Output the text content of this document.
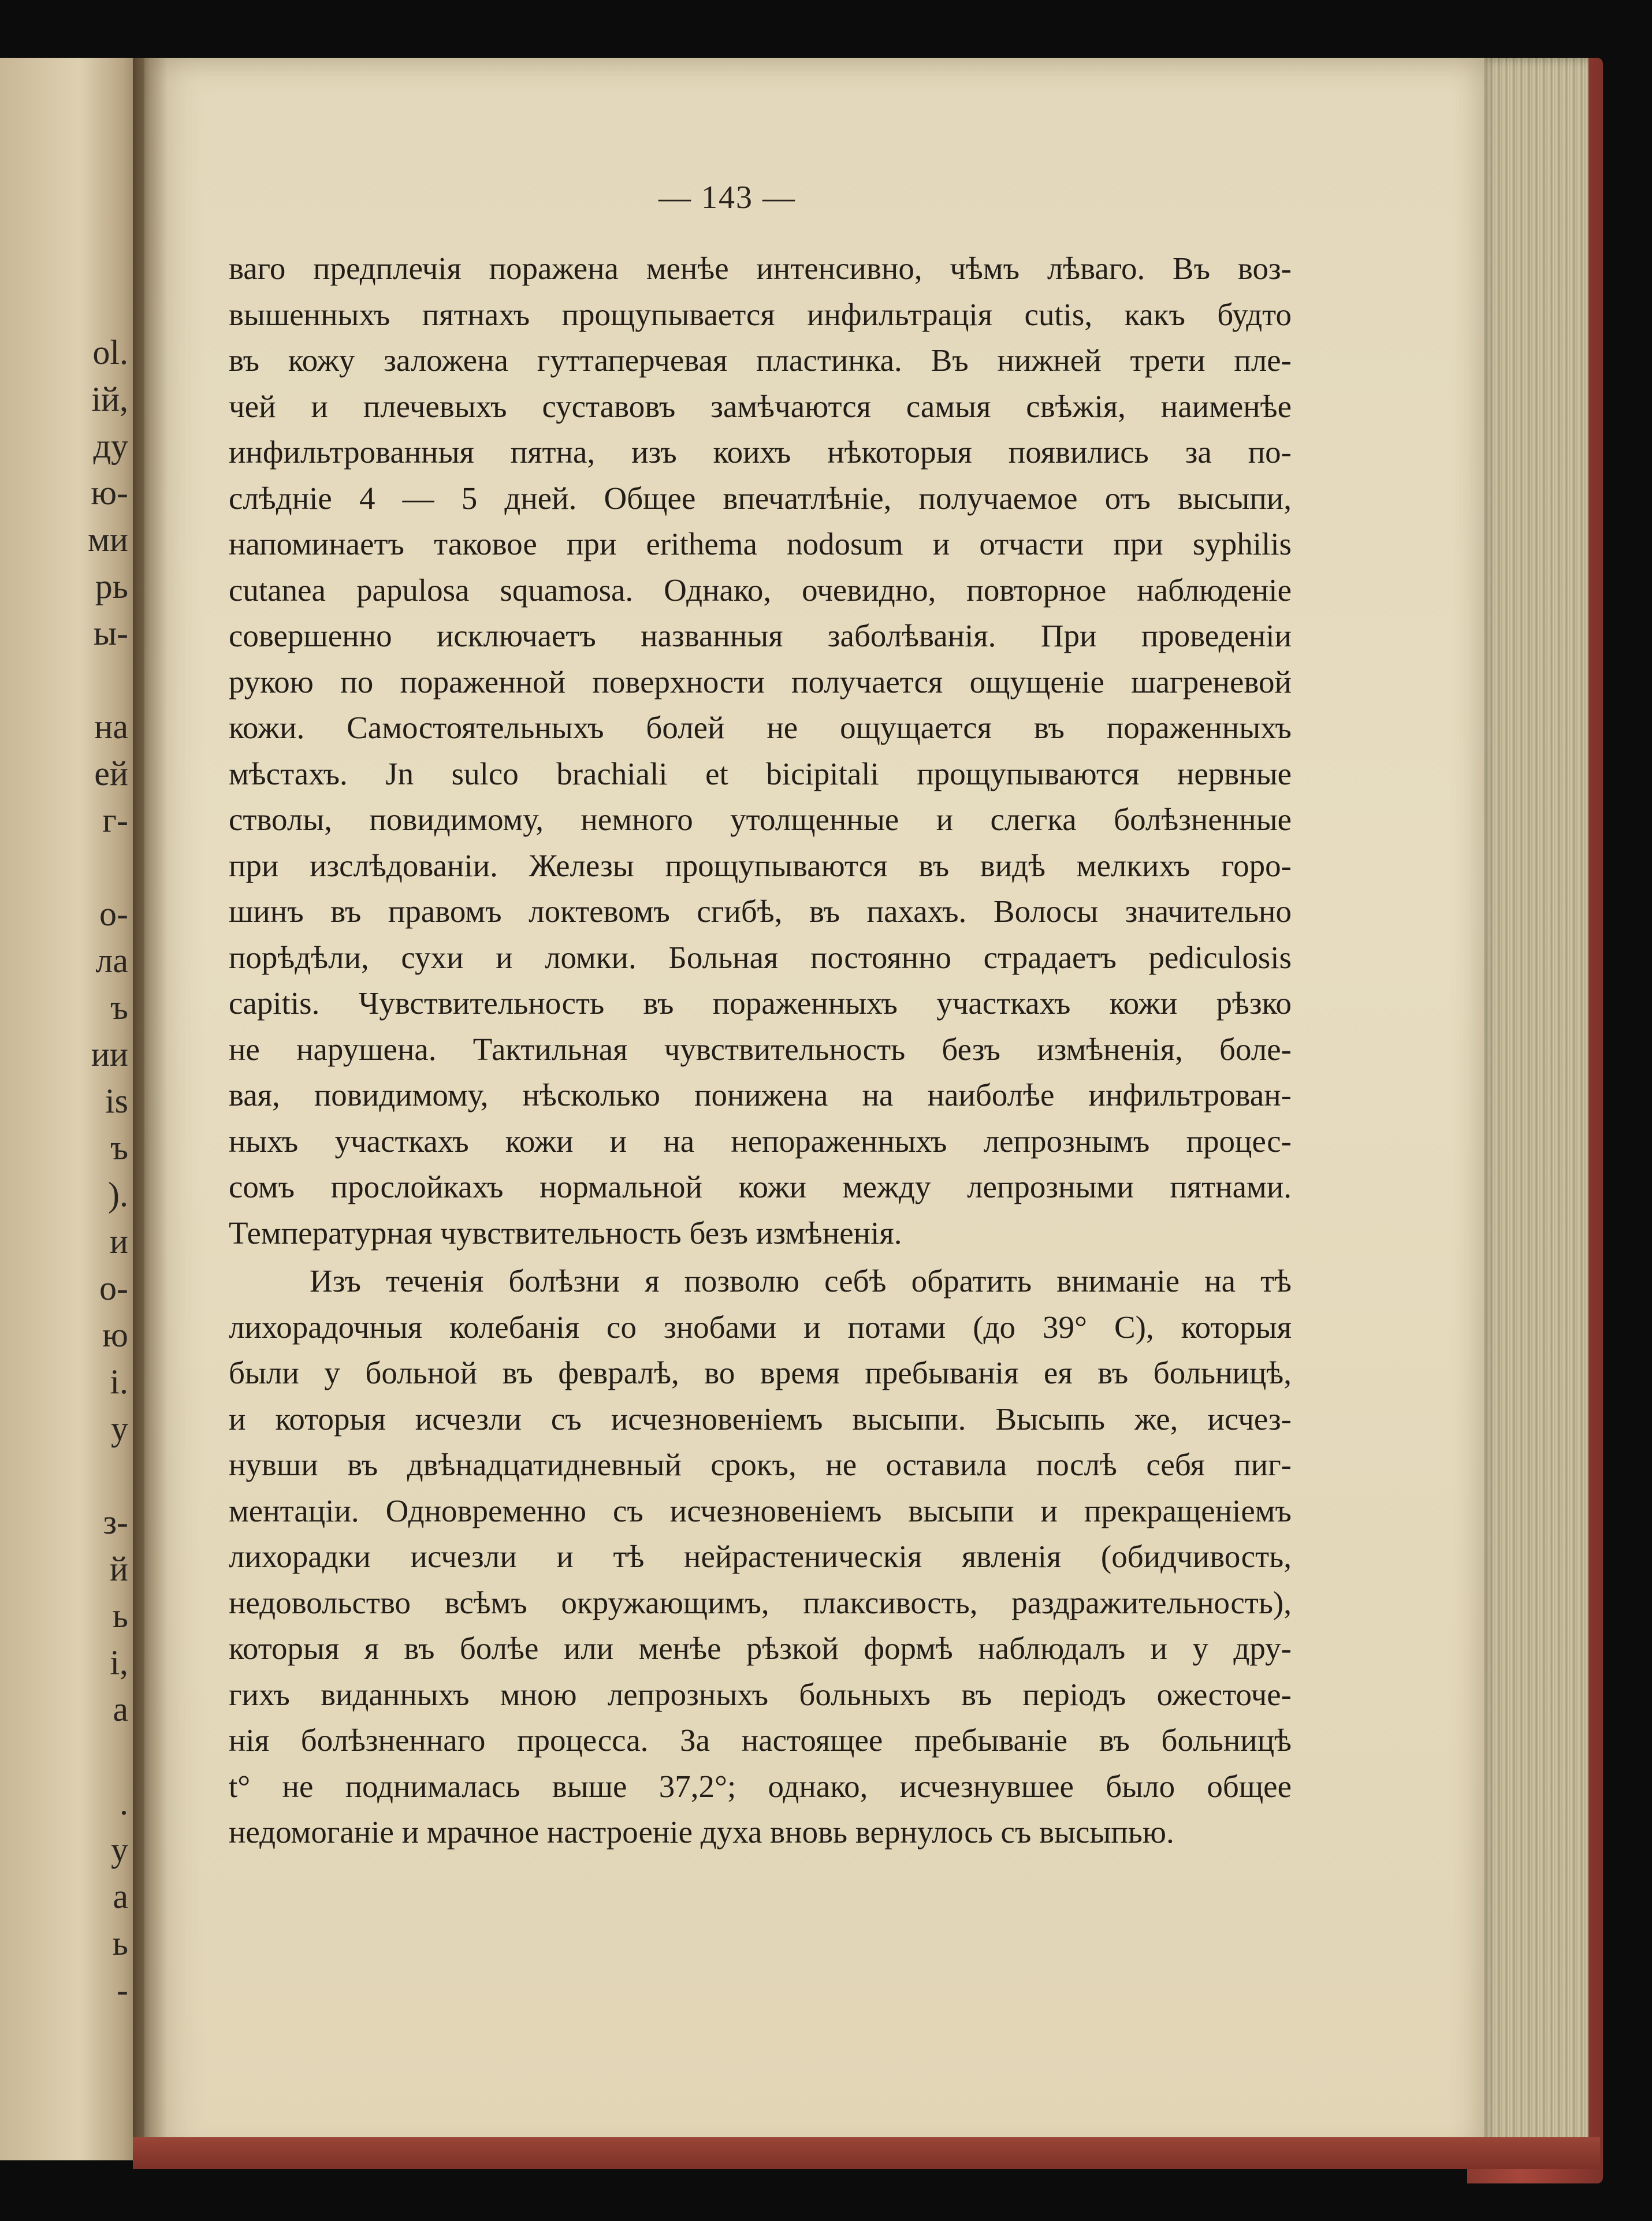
ol.
ій,
ду
ю-
ми
рь
ы-
на
ей
г-
о-
ла
ъ
ии
is
ъ
).
и
о-
ю
і.
у
з-
й
ь
і,
а
.
у
а
ь
-
— 143 —
ваго предплечія поражена менѣе интенсивно, чѣмъ лѣваго. Въ воз-
вышенныхъ пятнахъ прощупывается инфильтрація cutis, какъ будто
въ кожу заложена гуттаперчевая пластинка. Въ нижней трети пле-
чей и плечевыхъ суставовъ замѣчаются самыя свѣжія, наименѣе
инфильтрованныя пятна, изъ коихъ нѣкоторыя появились за по-
слѣдніе 4 — 5 дней. Общее впечатлѣніе, получаемое отъ высыпи,
напоминаетъ таковое при erithema nodosum и отчасти при syphilis
cutanea papulosa squamosa. Однако, очевидно, повторное наблюденіе
совершенно исключаетъ названныя заболѣванія. При проведеніи
рукою по пораженной поверхности получается ощущеніе шагреневой
кожи. Самостоятельныхъ болей не ощущается въ пораженныхъ
мѣстахъ. Jn sulco brachiali et bicipitali прощупываются нервные
стволы, повидимому, немного утолщенные и слегка болѣзненные
при изслѣдованіи. Железы прощупываются въ видѣ мелкихъ горо-
шинъ въ правомъ локтевомъ сгибѣ, въ пахахъ. Волосы значительно
порѣдѣли, сухи и ломки. Больная постоянно страдаетъ pediculosis
capitis. Чувствительность въ пораженныхъ участкахъ кожи рѣзко
не нарушена. Тактильная чувствительность безъ измѣненія, боле-
вая, повидимому, нѣсколько понижена на наиболѣе инфильтрован-
ныхъ участкахъ кожи и на непораженныхъ лепрознымъ процес-
сомъ прослойкахъ нормальной кожи между лепрозными пятнами.
Температурная чувствительность безъ измѣненія.
Изъ теченія болѣзни я позволю себѣ обратить вниманіе на тѣ
лихорадочныя колебанія со знобами и потами (до 39° C), которыя
были у больной въ февралѣ, во время пребыванія ея въ больницѣ,
и которыя исчезли съ исчезновеніемъ высыпи. Высыпь же, исчез-
нувши въ двѣнадцатидневный срокъ, не оставила послѣ себя пиг-
ментаціи. Одновременно съ исчезновеніемъ высыпи и прекращеніемъ
лихорадки исчезли и тѣ нейрастеническія явленія (обидчивость,
недовольство всѣмъ окружающимъ, плаксивость, раздражительность),
которыя я въ болѣе или менѣе рѣзкой формѣ наблюдалъ и у дру-
гихъ виданныхъ мною лепрозныхъ больныхъ въ періодъ ожесточе-
нія болѣзненнаго процесса. За настоящее пребываніе въ больницѣ
t° не поднималась выше 37,2°; однако, исчезнувшее было общее
недомоганіе и мрачное настроеніе духа вновь вернулось съ высыпью.
